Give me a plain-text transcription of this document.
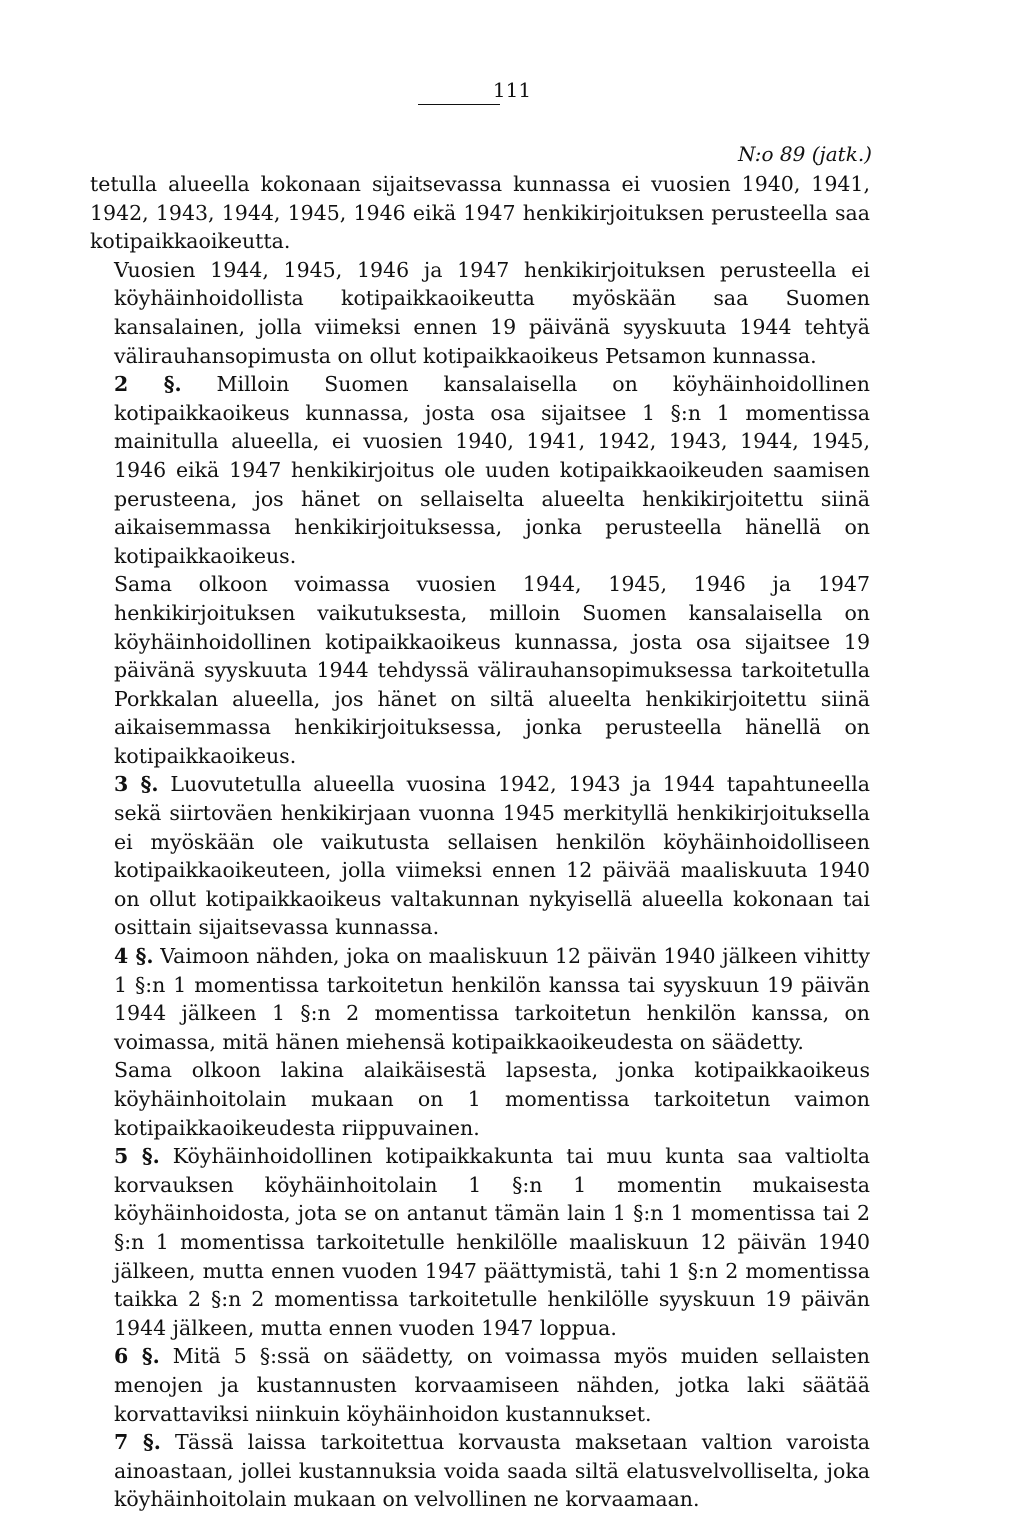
111
N:o 89 (jatk.)

tetulla alueella kokonaan sijaitsevassa kunnassa ei vuosien 1940, 1941, 1942, 1943, 1944, 1945, 1946 eikä 1947 henkikirjoituksen perusteella saa kotipaikkaoikeutta.

Vuosien 1944, 1945, 1946 ja 1947 henkikirjoituksen perusteella ei köyhäinhoidollista kotipaikkaoikeutta myöskään saa Suomen kansalainen, jolla viimeksi ennen 19 päivänä syyskuuta 1944 tehtyä välirauhansopimusta on ollut kotipaikkaoikeus Petsamon kunnassa.

2 §. Milloin Suomen kansalaisella on köyhäinhoidollinen kotipaikkaoikeus kunnassa, josta osa sijaitsee 1 §:n 1 momentissa mainitulla alueella, ei vuosien 1940, 1941, 1942, 1943, 1944, 1945, 1946 eikä 1947 henkikirjoitus ole uuden kotipaikkaoikeuden saamisen perusteena, jos hänet on sellaiselta alueelta henkikirjoitettu siinä aikaisemmassa henkikirjoituksessa, jonka perusteella hänellä on kotipaikkaoikeus.

Sama olkoon voimassa vuosien 1944, 1945, 1946 ja 1947 henkikirjoituksen vaikutuksesta, milloin Suomen kansalaisella on köyhäinhoidollinen kotipaikkaoikeus kunnassa, josta osa sijaitsee 19 päivänä syyskuuta 1944 tehdyssä välirauhansopimuksessa tarkoitetulla Porkkalan alueella, jos hänet on siltä alueelta henkikirjoitettu siinä aikaisemmassa henkikirjoituksessa, jonka perusteella hänellä on kotipaikkaoikeus.

3 §. Luovutetulla alueella vuosina 1942, 1943 ja 1944 tapahtuneella sekä siirtoväen henkikirjaan vuonna 1945 merkityllä henkikirjoituksella ei myöskään ole vaikutusta sellaisen henkilön köyhäinhoidolliseen kotipaikkaoikeuteen, jolla viimeksi ennen 12 päivää maaliskuuta 1940 on ollut kotipaikkaoikeus valtakunnan nykyisellä alueella kokonaan tai osittain sijaitsevassa kunnassa.

4 §. Vaimoon nähden, joka on maaliskuun 12 päivän 1940 jälkeen vihitty 1 §:n 1 momentissa tarkoitetun henkilön kanssa tai syyskuun 19 päivän 1944 jälkeen 1 §:n 2 momentissa tarkoitetun henkilön kanssa, on voimassa, mitä hänen miehensä kotipaikkaoikeudesta on säädetty.

Sama olkoon lakina alaikäisestä lapsesta, jonka kotipaikkaoikeus köyhäinhoitolain mukaan on 1 momentissa tarkoitetun vaimon kotipaikkaoikeudesta riippuvainen.

5 §. Köyhäinhoidollinen kotipaikkakunta tai muu kunta saa valtiolta korvauksen köyhäinhoitolain 1 §:n 1 momentin mukaisesta köyhäinhoidosta, jota se on antanut tämän lain 1 §:n 1 momentissa tai 2 §:n 1 momentissa tarkoitetulle henkilölle maaliskuun 12 päivän 1940 jälkeen, mutta ennen vuoden 1947 päättymistä, tahi 1 §:n 2 momentissa taikka 2 §:n 2 momentissa tarkoitetulle henkilölle syyskuun 19 päivän 1944 jälkeen, mutta ennen vuoden 1947 loppua.

6 §. Mitä 5 §:ssä on säädetty, on voimassa myös muiden sellaisten menojen ja kustannusten korvaamiseen nähden, jotka laki säätää korvattaviksi niinkuin köyhäinhoidon kustannukset.

7 §. Tässä laissa tarkoitettua korvausta maksetaan valtion varoista ainoastaan, jollei kustannuksia voida saada siltä elatusvelvolliselta, joka köyhäinhoitolain mukaan on velvollinen ne korvaamaan.
